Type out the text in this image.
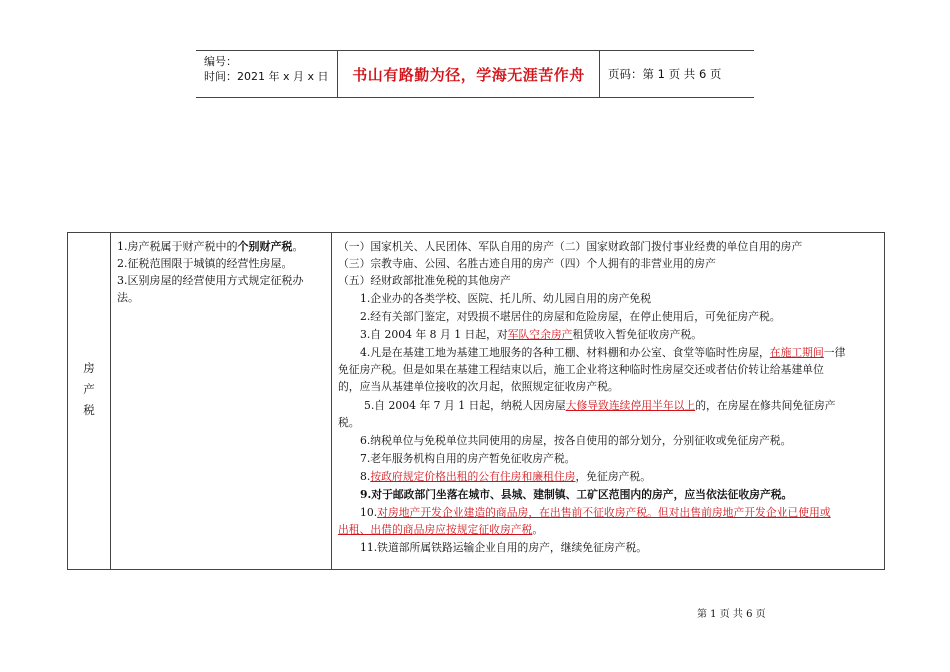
编号：
时间：2021 年 x 月 x 日 书山有路勤为径，学海无涯苦作舟 页码：第 1 页 共 6 页
房
产
税
1.房产税属于财产税中的个别财产税。
2.征税范围限于城镇的经营性房屋。
3.区别房屋的经营使用方式规定征税办
法。
（一）国家机关、人民团体、军队自用的房产（二）国家财政部门拨付事业经费的单位自用的房产
（三）宗教寺庙、公园、名胜古迹自用的房产（四）个人拥有的非营业用的房产
（五）经财政部批准免税的其他房产
1.企业办的各类学校、医院、托儿所、幼儿园自用的房产免税
2.经有关部门鉴定，对毁损不堪居住的房屋和危险房屋，在停止使用后，可免征房产税。
3.自 2004 年 8 月 1 日起，对军队空余房产租赁收入暂免征收房产税。
4.凡是在基建工地为基建工地服务的各种工棚、材料棚和办公室、食堂等临时性房屋，在施工期间一律
免征房产税。但是如果在基建工程结束以后，施工企业将这种临时性房屋交还或者估价转让给基建单位
的，应当从基建单位接收的次月起，依照规定征收房产税。
5.自 2004 年 7 月 1 日起，纳税人因房屋大修导致连续停用半年以上的，在房屋在修共间免征房产
税。
6.纳税单位与免税单位共同使用的房屋，按各自使用的部分划分，分别征收或免征房产税。
7.老年服务机构自用的房产暂免征收房产税。
8.按政府规定价格出租的公有住房和廉租住房，免征房产税。
9.对于邮政部门坐落在城市、县城、建制镇、工矿区范围内的房产，应当依法征收房产税。
10.对房地产开发企业建造的商品房，在出售前不征收房产税。但对出售前房地产开发企业已使用或
出租、出借的商品房应按规定征收房产税。
11.铁道部所属铁路运输企业自用的房产，继续免征房产税。
第 1 页 共 6 页
